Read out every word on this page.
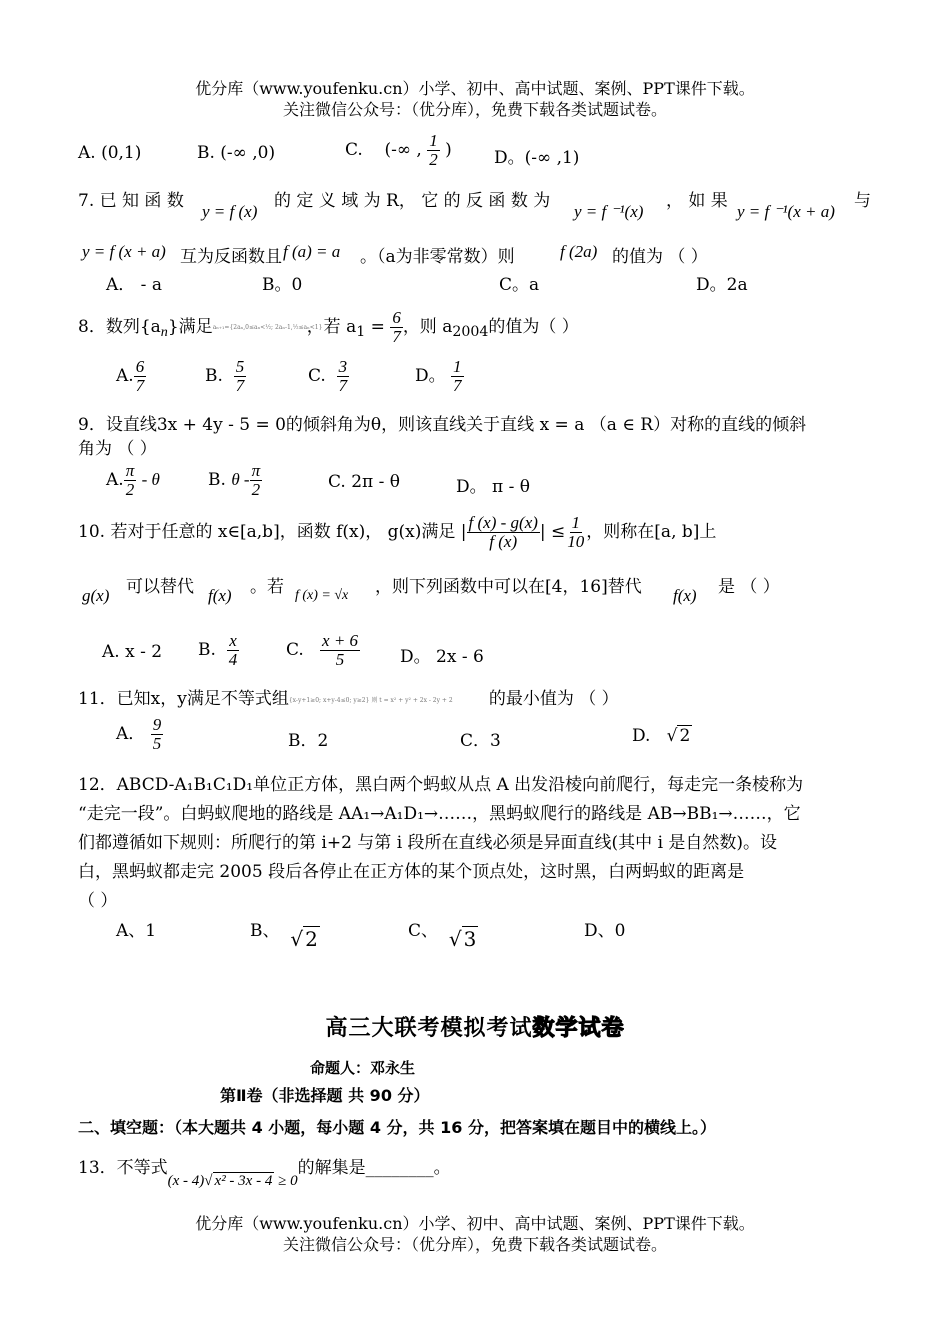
优分库（www.youfenku.cn）小学、初中、高中试题、案例、PPT课件下载。
关注微信公众号：（优分库），免费下载各类试题试卷。
A. (0,1)	B. (-∞ ,0)	C. (-∞ , $\frac{1}{2}$ ) D。(-∞ ,1)
7. 已 知 函 数
y = f (x)
的 定 义 域 为 R， 它 的 反 函 数 为
y = f ⁻¹(x)
， 如 果
y = f ⁻¹(x + a)
与
y = f (x + a) 互为反函数且 f (a) = a 。（a为非零常数）则	f (2a) 的值为 （ ）
A． - a	B。0	C。a	D。2a
8．数列$\{a_n\}$满足aₙ₊₁={2aₙ,0≤aₙ<½; 2aₙ-1,½≤aₙ<1}，若 $a_1 = \frac{6}{7}$ ，则 $a_{2004}$的值为（ ）
A. $\frac{6}{7}$	B. $\frac{5}{7}$	C. $\frac{3}{7}$	D。 $\frac{1}{7}$
9．设直线3x + 4y - 5 = 0的倾斜角为θ，则该直线关于直线 x = a （a ∈ R）对称的直线的倾斜
角为 （ ）
A. $\frac{\pi}{2}$ - θ	B. θ - $\frac{\pi}{2}$	C. 2π - θ	D。 π - θ
10. 若对于任意的 x∈[a,b]，函数 f(x)， g(x)满足 | $\frac{f (x) - g(x)}{f (x)}$ | ≤ $\frac{1}{10}$ ，则称在[a, b]上
g(x) 可以替代 f(x) 。若 f (x) = √x ，则下列函数中可以在[4，16]替代 f(x) 是 （ ）
A. x - 2 B. $\frac{x}{4}$	C. $\frac{x + 6}{5}$ D。 2x - 6
11．已知x，y满足不等式组{x-y+1≥0; x+y-4≤0; y≥2} 则 t = x² + y² + 2x - 2y + 2 的最小值为 （ ）
A． $\frac{9}{5}$	B．2	C．3	D.   √ 2
12．ABCD-A₁B₁C₁D₁单位正方体，黑白两个蚂蚁从点 A 出发沿棱向前爬行，每走完一条棱称为
“走完一段”。白蚂蚁爬地的路线是 AA₁→A₁D₁→……，黑蚂蚁爬行的路线是 AB→BB₁→……，它
们都遵循如下规则：所爬行的第 i+2 与第 i 段所在直线必须是异面直线(其中 i 是自然数)。设
白，黑蚂蚁都走完 2005 段后各停止在正方体的某个顶点处，这时黑，白两蚂蚁的距离是
（ ）
A、1	B、 √ 2	C、 √ 3	D、0
高三大联考模拟考试数学试卷
命题人：邓永生
第Ⅱ卷（非选择题 共 90 分）
二、填空题：（本大题共 4 小题，每小题 4 分，共 16 分，把答案填在题目中的横线上。）
13．不等式(x - 4)√ x² - 3x - 4 ≥ 0的解集是________。
优分库（www.youfenku.cn）小学、初中、高中试题、案例、PPT课件下载。
关注微信公众号：（优分库），免费下载各类试题试卷。
